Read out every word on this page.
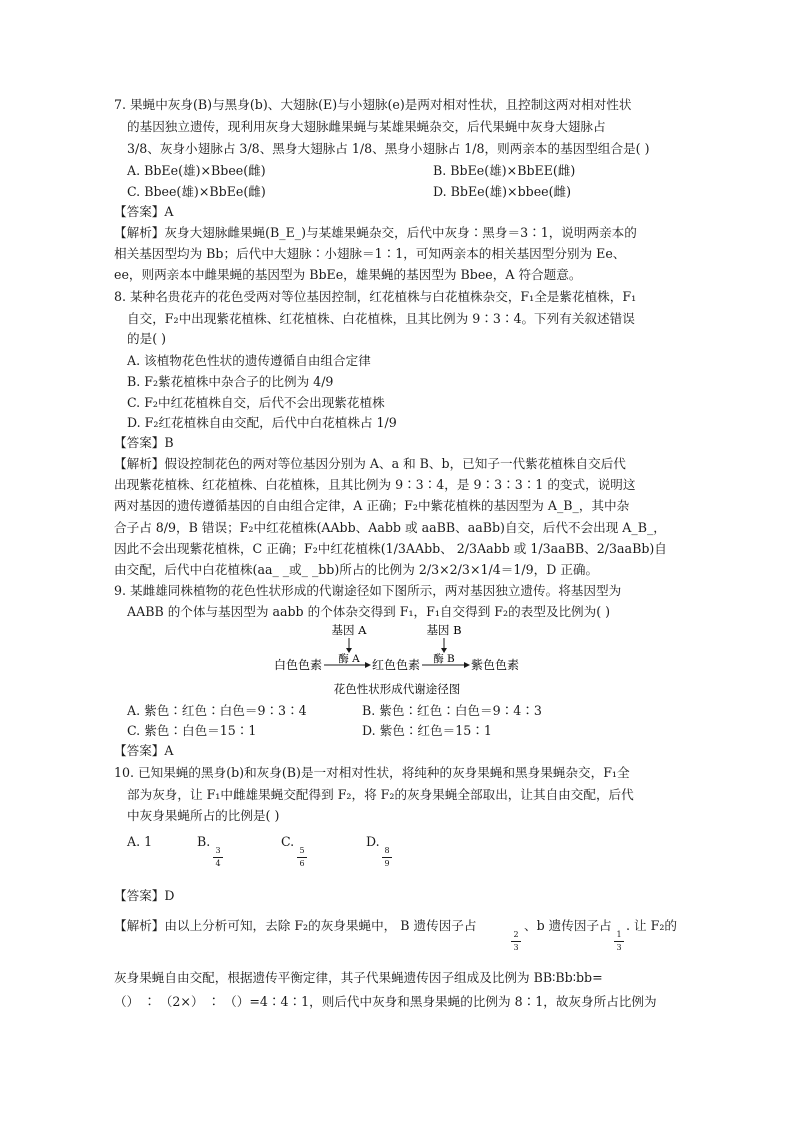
7. 果蝇中灰身(B)与黑身(b)、大翅脉(E)与小翅脉(e)是两对相对性状，且控制这两对相对性状
的基因独立遗传，现利用灰身大翅脉雌果蝇与某雄果蝇杂交，后代果蝇中灰身大翅脉占
3/8、灰身小翅脉占 3/8、黑身大翅脉占 1/8、黑身小翅脉占 1/8，则两亲本的基因型组合是( )
A. BbEe(雄)×Bbee(雌)	B. BbEe(雄)×BbEE(雌)
C. Bbee(雄)×BbEe(雌)	D. BbEe(雄)×bbee(雌)
【答案】A
【解析】灰身大翅脉雌果蝇(B_E_)与某雄果蝇杂交，后代中灰身∶黑身＝3∶1，说明两亲本的
相关基因型均为 Bb；后代中大翅脉∶小翅脉＝1∶1，可知两亲本的相关基因型分别为 Ee、
ee，则两亲本中雌果蝇的基因型为 BbEe，雄果蝇的基因型为 Bbee，A 符合题意。
8. 某种名贵花卉的花色受两对等位基因控制，红花植株与白花植株杂交，F₁全是紫花植株，F₁
自交，F₂中出现紫花植株、红花植株、白花植株，且其比例为 9∶3∶4。下列有关叙述错误
的是( )
A. 该植物花色性状的遗传遵循自由组合定律
B. F₂紫花植株中杂合子的比例为 4/9
C. F₂中红花植株自交，后代不会出现紫花植株
D. F₂红花植株自由交配，后代中白花植株占 1/9
【答案】B
【解析】假设控制花色的两对等位基因分别为 A、a 和 B、b，已知子一代紫花植株自交后代
出现紫花植株、红花植株、白花植株，且其比例为 9∶3∶4，是 9∶3∶3∶1 的变式，说明这
两对基因的遗传遵循基因的自由组合定律，A 正确；F₂中紫花植株的基因型为 A_B_，其中杂
合子占 8/9，B 错误；F₂中红花植株(AAbb、Aabb 或 aaBB、aaBb)自交，后代不会出现 A_B_，
因此不会出现紫花植株，C 正确；F₂中红花植株(1/3AAbb、 2/3Aabb 或 1/3aaBB、2/3aaBb)自
由交配，后代中白花植株(aa_ _或_ _bb)所占的比例为 2/3×2/3×1/4＝1/9，D 正确。
9. 某雌雄同株植物的花色性状形成的代谢途径如下图所示，两对基因独立遗传。将基因型为
AABB 的个体与基因型为 aabb 的个体杂交得到 F₁，F₁自交得到 F₂的表型及比例为( )
基因 A	基因 B
酶 A	酶 B
白色色素	红色色素	紫色色素
花色性状形成代谢途径图
A. 紫色∶红色∶白色＝9∶3∶4	B. 紫色∶红色∶白色＝9∶4∶3
C. 紫色∶白色＝15∶1	D. 紫色∶红色＝15∶1
【答案】A
10. 已知果蝇的黑身(b)和灰身(B)是一对相对性状，将纯种的灰身果蝇和黑身果蝇杂交，F₁全
部为灰身，让 F₁中雌雄果蝇交配得到 F₂，将 F₂的灰身果蝇全部取出，让其自由交配，后代
中灰身果蝇所占的比例是( )
A. 1	B.
3
4
C.
5
6
D.
8
9
【答案】D
【解析】由以上分析可知，去除 F₂的灰身果蝇中， B 遗传因子占
2
3
、b 遗传因子占
1
3
. 让 F₂的
灰身果蝇自由交配，根据遗传平衡定律，其子代果蝇遗传因子组成及比例为 BB∶Bb∶bb=
（） ∶ （2×） ∶ （）=4∶4∶1，则后代中灰身和黑身果蝇的比例为 8∶1，故灰身所占比例为
